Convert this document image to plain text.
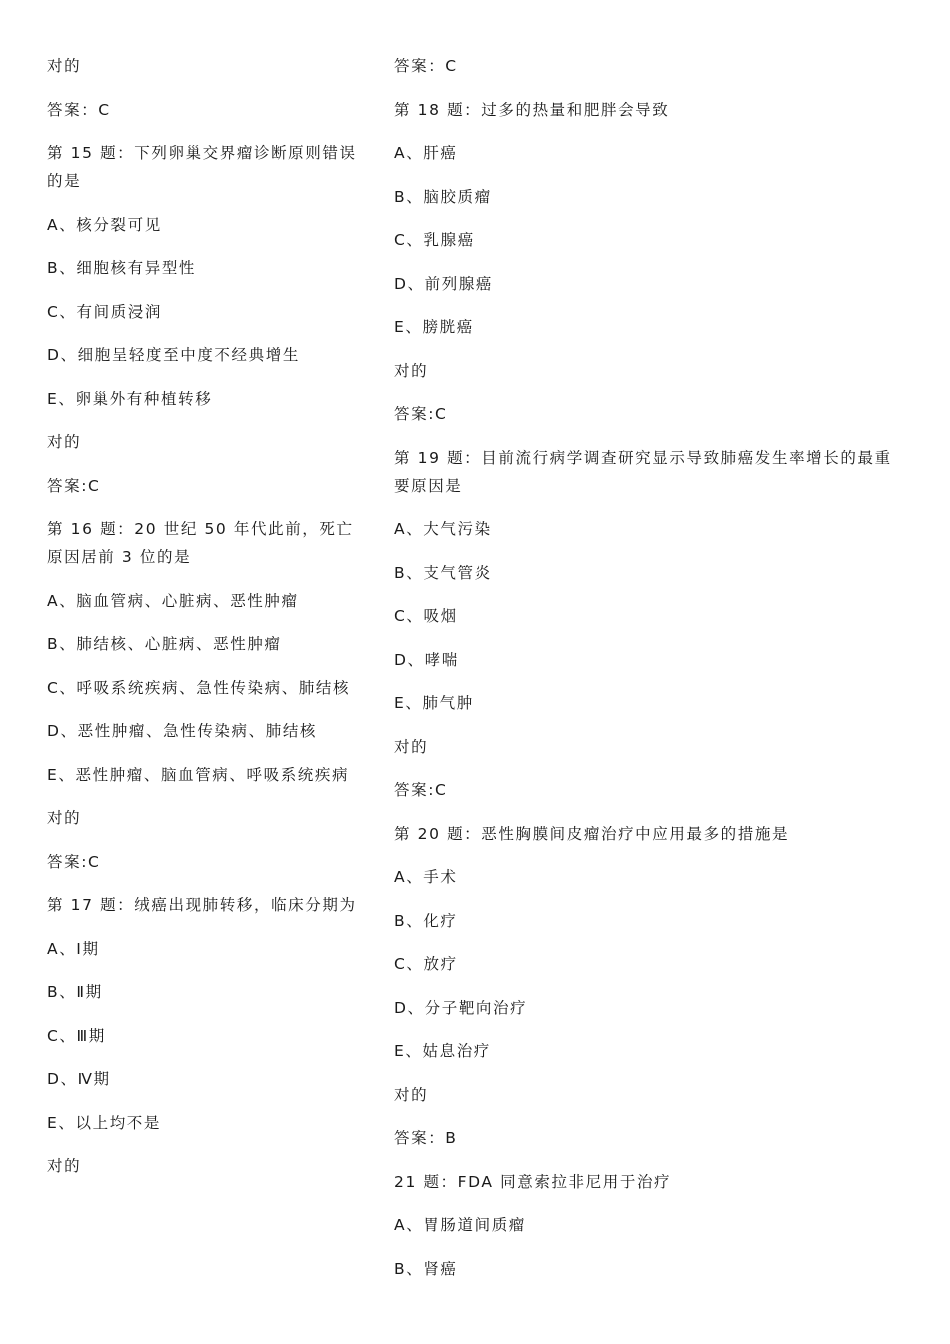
对的

答案：C

第 15 题：下列卵巢交界瘤诊断原则错误的是

A、核分裂可见

B、细胞核有异型性

C、有间质浸润

D、细胞呈轻度至中度不经典增生

E、卵巢外有种植转移

对的

答案:C

第 16 题：20 世纪 50 年代此前，死亡原因居前 3 位的是

A、脑血管病、心脏病、恶性肿瘤

B、肺结核、心脏病、恶性肿瘤

C、呼吸系统疾病、急性传染病、肺结核

D、恶性肿瘤、急性传染病、肺结核

E、恶性肿瘤、脑血管病、呼吸系统疾病

对的

答案:C

第 17 题：绒癌出现肺转移，临床分期为

A、Ⅰ期

B、Ⅱ期

C、Ⅲ期

D、Ⅳ期

E、以上均不是

对的

答案：C

第 18 题：过多的热量和肥胖会导致

A、肝癌

B、脑胶质瘤

C、乳腺癌

D、前列腺癌

E、膀胱癌

对的

答案:C

第 19 题：目前流行病学调查研究显示导致肺癌发生率增长的最重要原因是

A、大气污染

B、支气管炎

C、吸烟

D、哮喘

E、肺气肿

对的

答案:C

第 20 题：恶性胸膜间皮瘤治疗中应用最多的措施是

A、手术

B、化疗

C、放疗

D、分子靶向治疗

E、姑息治疗

对的

答案：B

21 题：FDA 同意索拉非尼用于治疗

A、胃肠道间质瘤

B、肾癌
